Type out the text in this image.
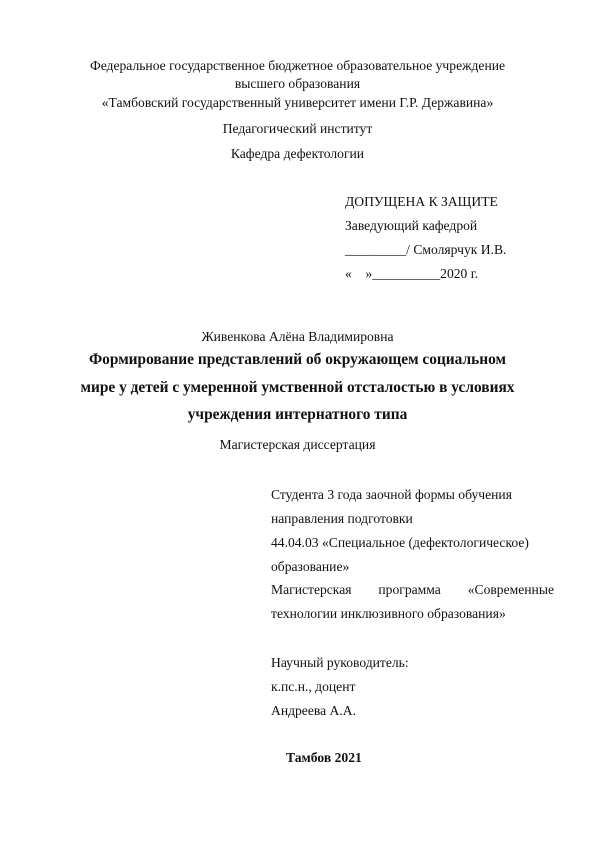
Федеральное государственное бюджетное образовательное учреждение
высшего образования
«Тамбовский государственный университет имени Г.Р. Державина»
Педагогический институт
Кафедра дефектологии
ДОПУЩЕНА К ЗАЩИТЕ
Заведующий кафедрой
_________/ Смолярчук И.В.
«    »__________2020 г.
Живенкова Алёна Владимировна
Формирование представлений об окружающем социальном
мире у детей с умеренной умственной отсталостью в условиях
учреждения интернатного типа
Магистерская диссертация
Студента 3 года заочной формы обучения
направления подготовки
44.04.03 «Специальное (дефектологическое)
образование»
Магистерская программа «Современные
технологии инклюзивного образования»
Научный руководитель:
к.пс.н., доцент
Андреева А.А.
Тамбов 2021
